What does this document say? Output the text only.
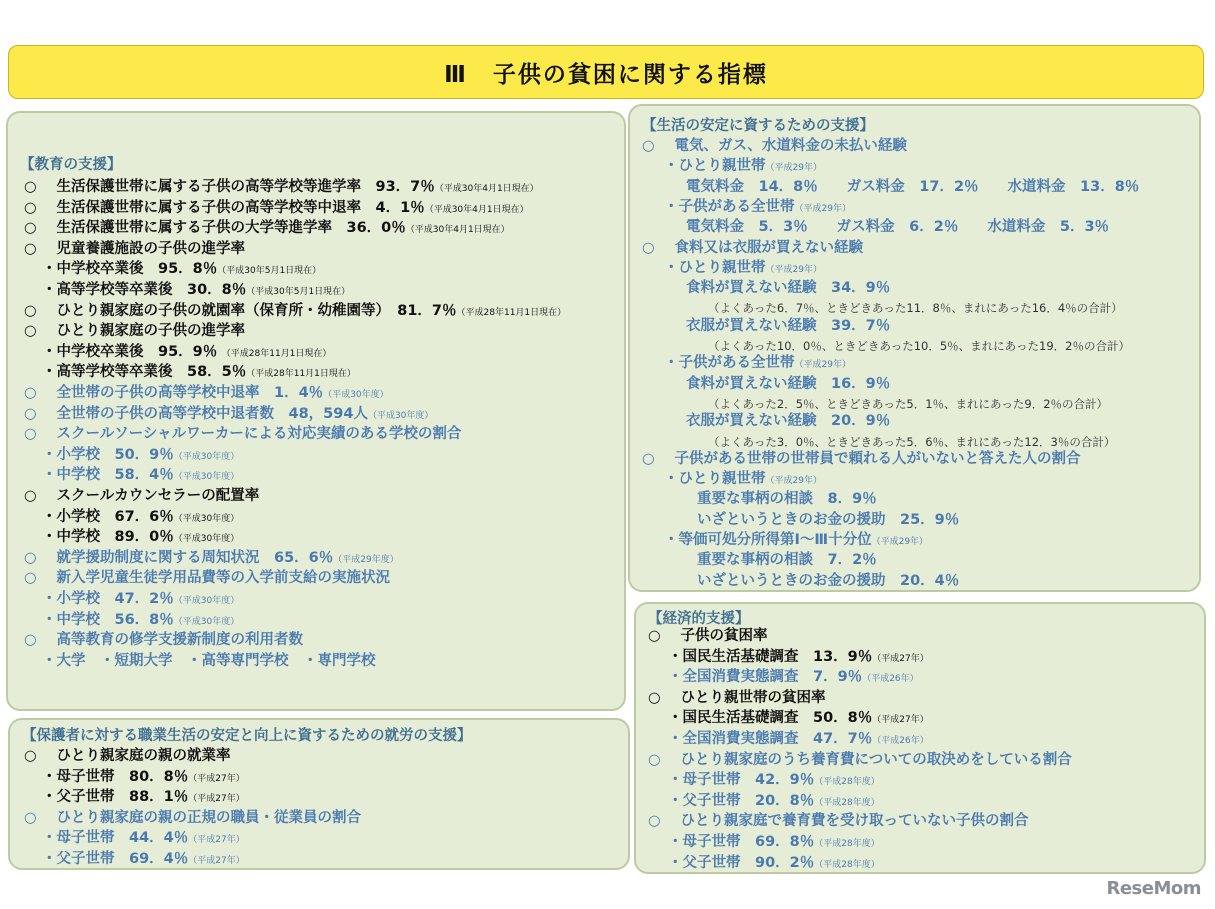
Ⅲ　子供の貧困に関する指標
【教育の支援】
○  生活保護世帯に属する子供の高等学校等進学率　93．7％（平成30年4月1日現在）
○  生活保護世帯に属する子供の高等学校等中退率　4．1％（平成30年4月1日現在）
○  生活保護世帯に属する子供の大学等進学率　36．0％（平成30年4月1日現在）
○  児童養護施設の子供の進学率
・中学校卒業後　95．8％（平成30年5月1日現在）
・高等学校等卒業後　30．8％（平成30年5月1日現在）
○  ひとり親家庭の子供の就園率（保育所・幼稚園等）　81．7％（平成28年11月1日現在）
○  ひとり親家庭の子供の進学率
・中学校卒業後　95．9％　（平成28年11月1日現在）
・高等学校等卒業後　58．5％（平成28年11月1日現在）
○  全世帯の子供の高等学校中退率　1．4％（平成30年度）
○  全世帯の子供の高等学校中退者数　48，594人（平成30年度）
○  スクールソーシャルワーカーによる対応実績のある学校の割合
・小学校　50．9％（平成30年度）
・中学校　58．4％（平成30年度）
○  スクールカウンセラーの配置率
・小学校　67．6％（平成30年度）
・中学校　89．0％（平成30年度）
○  就学援助制度に関する周知状況　65．6％（平成29年度）
○  新入学児童生徒学用品費等の入学前支給の実施状況
・小学校　47．2％（平成30年度）
・中学校　56．8％（平成30年度）
○  高等教育の修学支援新制度の利用者数
・大学　・短期大学　・高等専門学校　・専門学校
【保護者に対する職業生活の安定と向上に資するための就労の支援】
○  ひとり親家庭の親の就業率
・母子世帯　80．8％（平成27年）
・父子世帯　88．1％（平成27年）
○  ひとり親家庭の親の正規の職員・従業員の割合
・母子世帯　44．4％（平成27年）
・父子世帯　69．4％（平成27年）
【生活の安定に資するための支援】
○  電気、ガス、水道料金の未払い経験
・ひとり親世帯（平成29年）
電気料金　14．8％　　ガス料金　17．2％　　水道料金　13．8％
・子供がある全世帯（平成29年）
電気料金　5．3％　　ガス料金　6．2％　　水道料金　5．3％
○  食料又は衣服が買えない経験
・ひとり親世帯（平成29年）
食料が買えない経験　34．9％
（よくあった6．7％、ときどきあった11．8％、まれにあった16．4％の合計）
衣服が買えない経験　39．7％
（よくあった10．0％、ときどきあった10．5％、まれにあった19．2％の合計）
・子供がある全世帯（平成29年）
食料が買えない経験　16．9％
（よくあった2．5％、ときどきあった5．1％、まれにあった9．2％の合計）
衣服が買えない経験　20．9％
（よくあった3．0％、ときどきあった5．6％、まれにあった12．3％の合計）
○  子供がある世帯の世帯員で頼れる人がいないと答えた人の割合
・ひとり親世帯（平成29年）
重要な事柄の相談　8．9％
いざというときのお金の援助　25．9％
・等価可処分所得第Ⅰ～Ⅲ十分位（平成29年）
重要な事柄の相談　7．2％
いざというときのお金の援助　20．4％
【経済的支援】
○  子供の貧困率
・国民生活基礎調査　13．9％（平成27年）
・全国消費実態調査　7．9％（平成26年）
○  ひとり親世帯の貧困率
・国民生活基礎調査　50．8％（平成27年）
・全国消費実態調査　47．7％（平成26年）
○  ひとり親家庭のうち養育費についての取決めをしている割合
・母子世帯　42．9％（平成28年度）
・父子世帯　20．8％（平成28年度）
○  ひとり親家庭で養育費を受け取っていない子供の割合
・母子世帯　69．8％（平成28年度）
・父子世帯　90．2％（平成28年度）
ReseMom
